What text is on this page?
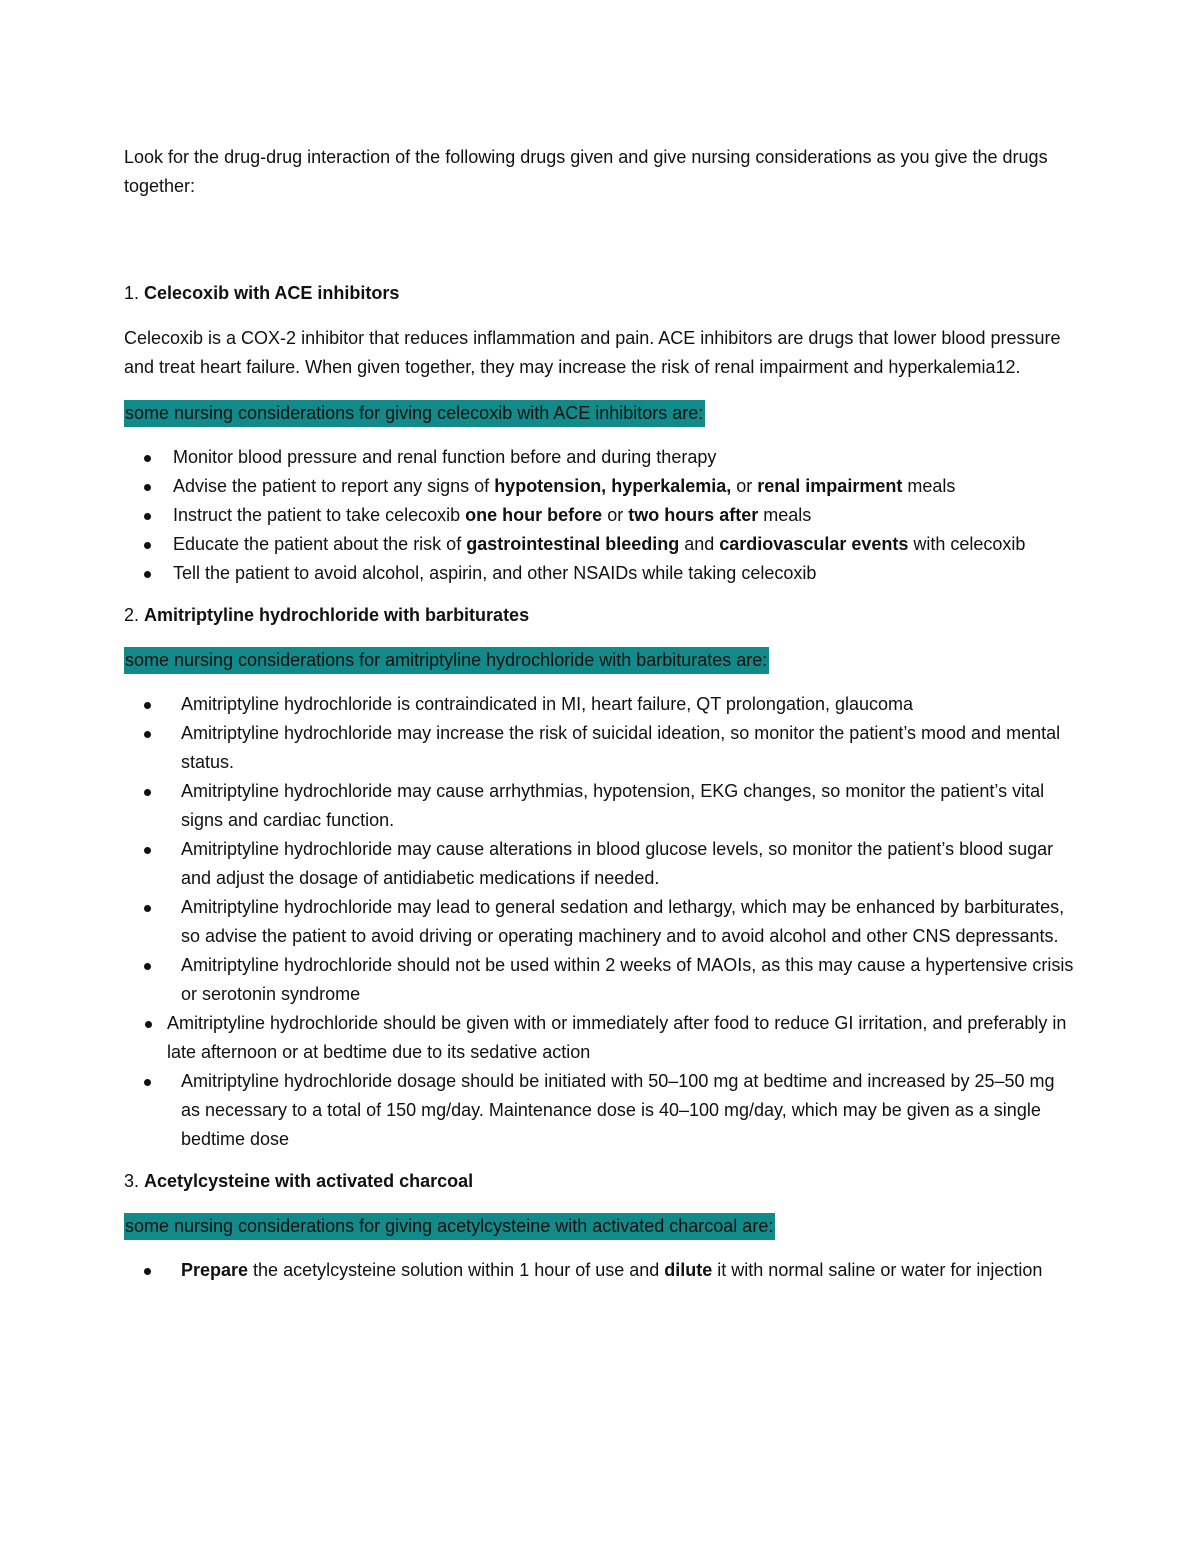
Look for the drug-drug interaction of the following drugs given and give nursing considerations as you give the drugs together:

1. Celecoxib with ACE inhibitors

Celecoxib is a COX-2 inhibitor that reduces inflammation and pain. ACE inhibitors are drugs that lower blood pressure and treat heart failure. When given together, they may increase the risk of renal impairment and hyperkalemia12.

some nursing considerations for giving celecoxib with ACE inhibitors are:

Monitor blood pressure and renal function before and during therapy
Advise the patient to report any signs of hypotension, hyperkalemia, or renal impairment meals
Instruct the patient to take celecoxib one hour before or two hours after meals
Educate the patient about the risk of gastrointestinal bleeding and cardiovascular events with celecoxib
Tell the patient to avoid alcohol, aspirin, and other NSAIDs while taking celecoxib

2. Amitriptyline hydrochloride with barbiturates

some nursing considerations for amitriptyline hydrochloride with barbiturates are:

Amitriptyline hydrochloride is contraindicated in MI, heart failure, QT prolongation, glaucoma
Amitriptyline hydrochloride may increase the risk of suicidal ideation, so monitor the patient’s mood and mental status.
Amitriptyline hydrochloride may cause arrhythmias, hypotension, EKG changes, so monitor the patient’s vital signs and cardiac function.
Amitriptyline hydrochloride may cause alterations in blood glucose levels, so monitor the patient’s blood sugar and adjust the dosage of antidiabetic medications if needed.
Amitriptyline hydrochloride may lead to general sedation and lethargy, which may be enhanced by barbiturates, so advise the patient to avoid driving or operating machinery and to avoid alcohol and other CNS depressants.
Amitriptyline hydrochloride should not be used within 2 weeks of MAOIs, as this may cause a hypertensive crisis or serotonin syndrome
Amitriptyline hydrochloride should be given with or immediately after food to reduce GI irritation, and preferably in late afternoon or at bedtime due to its sedative action
Amitriptyline hydrochloride dosage should be initiated with 50–100 mg at bedtime and increased by 25–50 mg as necessary to a total of 150 mg/day. Maintenance dose is 40–100 mg/day, which may be given as a single bedtime dose

3. Acetylcysteine with activated charcoal

some nursing considerations for giving acetylcysteine with activated charcoal are:

Prepare the acetylcysteine solution within 1 hour of use and dilute it with normal saline or water for injection
